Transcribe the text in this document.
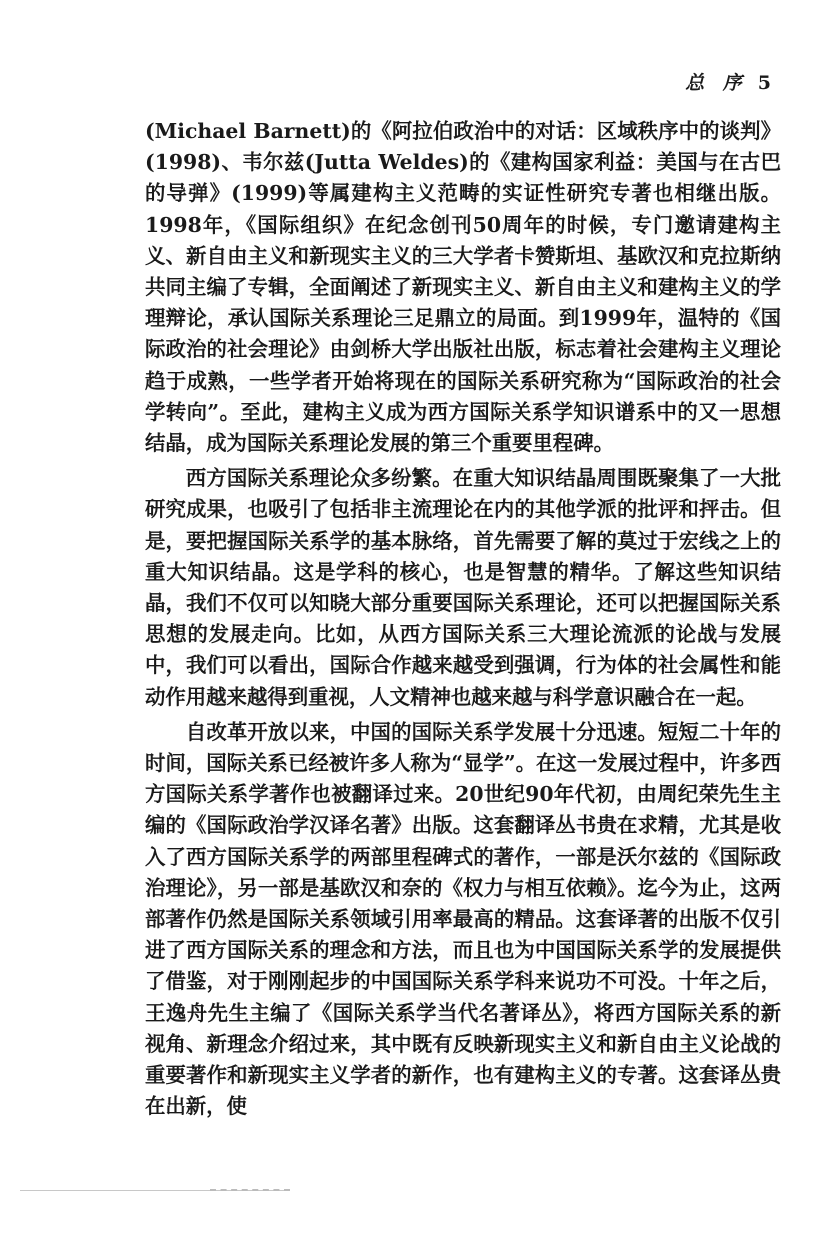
总 序 5

(Michael Barnett)的《阿拉伯政治中的对话：区域秩序中的谈判》(1998)、韦尔兹(Jutta Weldes)的《建构国家利益：美国与在古巴的导弹》(1999)等属建构主义范畴的实证性研究专著也相继出版。1998年，《国际组织》在纪念创刊50周年的时候，专门邀请建构主义、新自由主义和新现实主义的三大学者卡赞斯坦、基欧汉和克拉斯纳共同主编了专辑，全面阐述了新现实主义、新自由主义和建构主义的学理辩论，承认国际关系理论三足鼎立的局面。到1999年，温特的《国际政治的社会理论》由剑桥大学出版社出版，标志着社会建构主义理论趋于成熟，一些学者开始将现在的国际关系研究称为“国际政治的社会学转向”。至此，建构主义成为西方国际关系学知识谱系中的又一思想结晶，成为国际关系理论发展的第三个重要里程碑。

西方国际关系理论众多纷繁。在重大知识结晶周围既聚集了一大批研究成果，也吸引了包括非主流理论在内的其他学派的批评和抨击。但是，要把握国际关系学的基本脉络，首先需要了解的莫过于宏线之上的重大知识结晶。这是学科的核心，也是智慧的精华。了解这些知识结晶，我们不仅可以知晓大部分重要国际关系理论，还可以把握国际关系思想的发展走向。比如，从西方国际关系三大理论流派的论战与发展中，我们可以看出，国际合作越来越受到强调，行为体的社会属性和能动作用越来越得到重视，人文精神也越来越与科学意识融合在一起。

自改革开放以来，中国的国际关系学发展十分迅速。短短二十年的时间，国际关系已经被许多人称为“显学”。在这一发展过程中，许多西方国际关系学著作也被翻译过来。20世纪90年代初，由周纪荣先生主编的《国际政治学汉译名著》出版。这套翻译丛书贵在求精，尤其是收入了西方国际关系学的两部里程碑式的著作，一部是沃尔兹的《国际政治理论》，另一部是基欧汉和奈的《权力与相互依赖》。迄今为止，这两部著作仍然是国际关系领域引用率最高的精品。这套译著的出版不仅引进了西方国际关系的理念和方法，而且也为中国国际关系学的发展提供了借鉴，对于刚刚起步的中国国际关系学科来说功不可没。十年之后，王逸舟先生主编了《国际关系学当代名著译丛》，将西方国际关系的新视角、新理念介绍过来，其中既有反映新现实主义和新自由主义论战的重要著作和新现实主义学者的新作，也有建构主义的专著。这套译丛贵在出新，使
